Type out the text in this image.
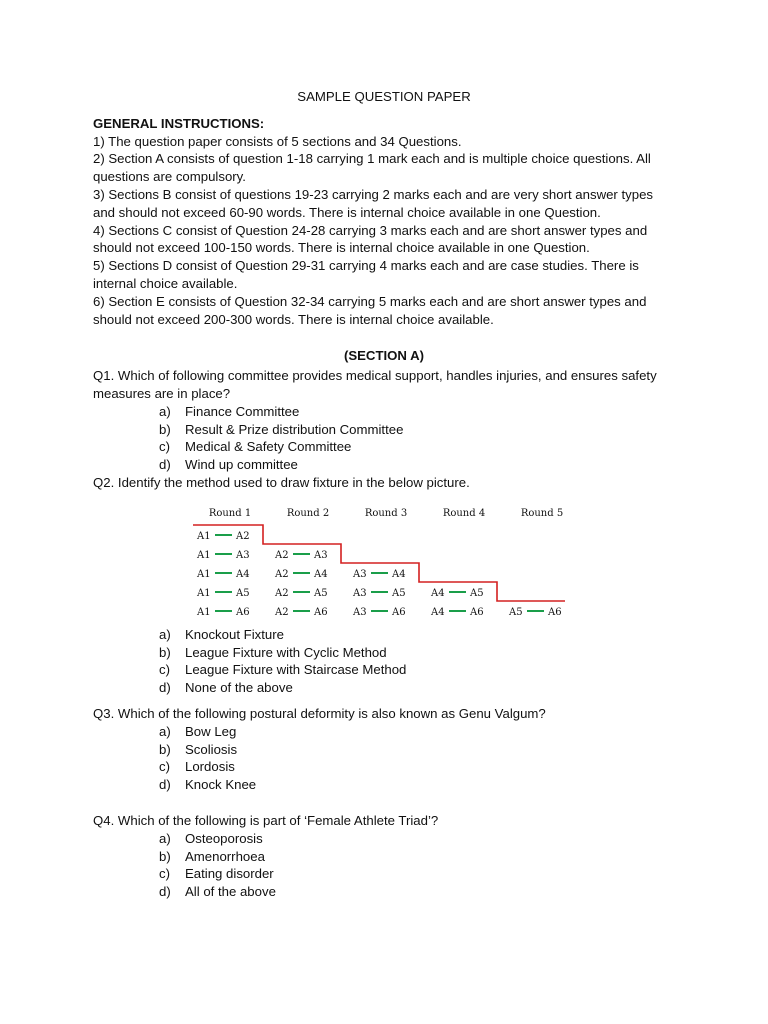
SAMPLE QUESTION PAPER

GENERAL INSTRUCTIONS:

1) The question paper consists of 5 sections and 34 Questions.

2) Section A consists of question 1-18 carrying 1 mark each and is multiple choice questions. All questions are compulsory.

3) Sections B consist of questions 19-23 carrying 2 marks each and are very short answer types and should not exceed 60-90 words. There is internal choice available in one Question.

4) Sections C consist of Question 24-28 carrying 3 marks each and are short answer types and should not exceed 100-150 words. There is internal choice available in one Question.

5) Sections D consist of Question 29-31 carrying 4 marks each and are case studies. There is internal choice available.

6) Section E consists of Question 32-34 carrying 5 marks each and are short answer types and should not exceed 200-300 words. There is internal choice available.

(SECTION A)

Q1. Which of following committee provides medical support, handles injuries, and ensures safety measures are in place?

a)	Finance Committee
b)	Result & Prize distribution Committee
c)	Medical & Safety Committee
d)	Wind up committee

Q2. Identify the method used to draw fixture in the below picture.

Round 1	Round 2	Round 3	Round 4	Round 5
A1	A2
A1	A3	A2	A3
A1	A4	A2	A4	A3	A4
A1	A5	A2	A5	A3	A5	A4	A5
A1	A6	A2	A6	A3	A6	A4	A6	A5	A6
a)	Knockout Fixture
b)	League Fixture with Cyclic Method
c)	League Fixture with Staircase Method
d)	None of the above

Q3. Which of the following postural deformity is also known as Genu Valgum?

a)	Bow Leg
b)	Scoliosis
c)	Lordosis
d)	Knock Knee

Q4. Which of the following is part of ‘Female Athlete Triad’?

a)	Osteoporosis
b)	Amenorrhoea
c)	Eating disorder
d)	All of the above
